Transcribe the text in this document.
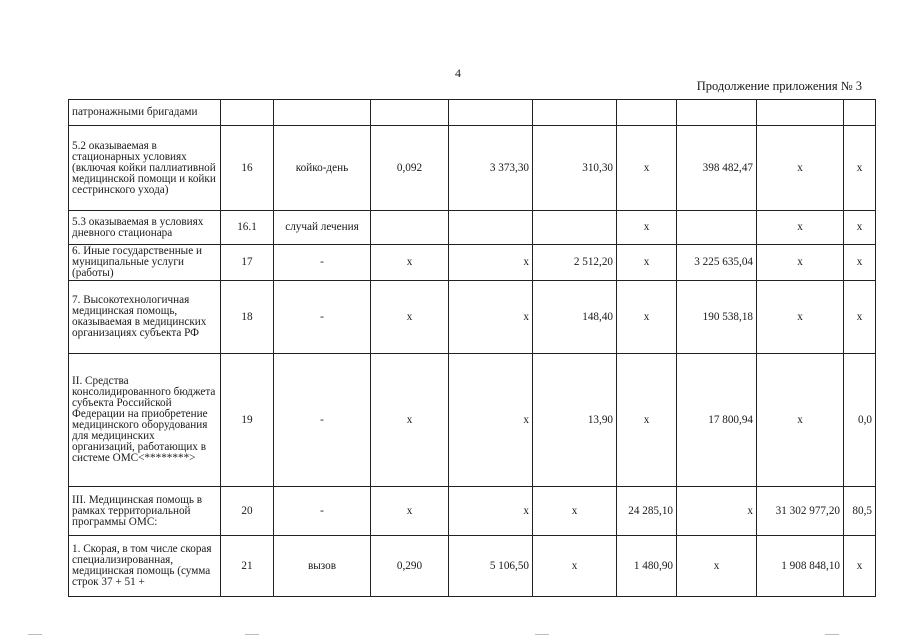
4
Продолжение приложения № 3
патронажными бригадами									
5.2 оказываемая в стационарных условиях (включая койки паллиативной медицинской помощи и койки сестринского ухода)	16	койко-день	0,092	3 373,30	310,30	х	398 482,47	х	х
5.3 оказываемая в условиях дневного стационара	16.1	случай лечения				х		х	х
6. Иные государственные и муниципальные услуги (работы)	17	-	х	х	2 512,20	х	3 225 635,04	х	х
7. Высокотехнологичная медицинская помощь, оказываемая в медицинских организациях субъекта РФ	18	-	х	х	148,40	х	190 538,18	х	х
II. Средства консолидированного бюджета субъекта Российской Федерации на приобретение медицинского оборудования для медицинских организаций, работающих в системе ОМС<********>	19	-	х	х	13,90	х	17 800,94	х	0,0
III. Медицинская помощь в рамках территориальной программы ОМС:	20	-	х	х	х	24 285,10	х	31 302 977,20	80,5
1. Скорая, в том числе скорая специализированная, медицинская помощь (сумма строк 37 + 51 +	21	вызов	0,290	5 106,50	х	1 480,90	х	1 908 848,10	х
